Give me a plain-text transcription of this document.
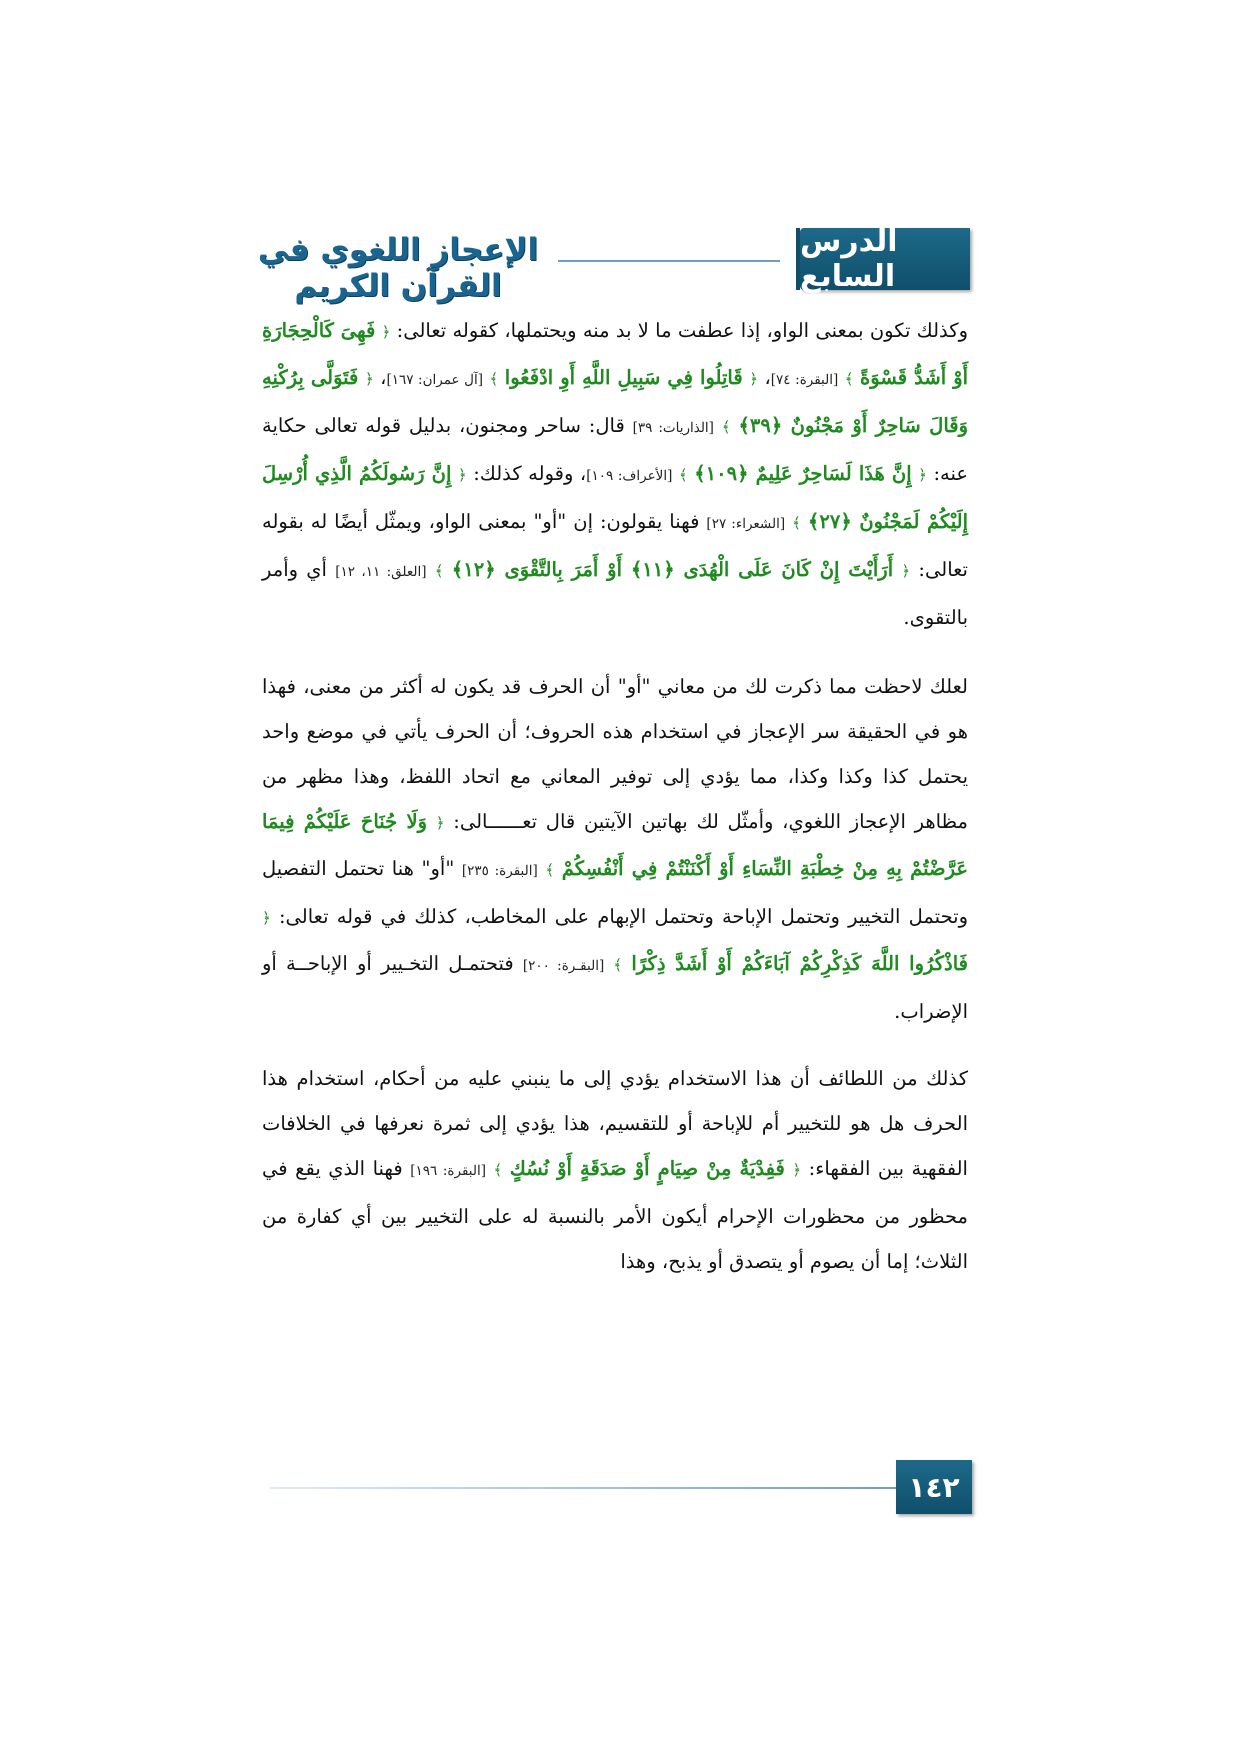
الإعجاز اللغوي في القرآن الكريم
الدرس السابع

وكذلك تكون بمعنى الواو، إذا عطفت ما لا بد منه ويحتملها، كقوله تعالى: ﴿ فَهِىَ كَالْحِجَارَةِ أَوْ أَشَدُّ قَسْوَةً ﴾ [البقرة: ٧٤]، ﴿ قَاتِلُوا فِي سَبِيلِ اللَّهِ أَوِ ادْفَعُوا ﴾ [آل عمران: ١٦٧]، ﴿ فَتَوَلَّى بِرُكْنِهِ وَقَالَ سَاحِرٌ أَوْ مَجْنُونٌ ﴿٣٩﴾ ﴾ [الذاريات: ٣٩] قال: ساحر ومجنون، بدليل قوله تعالى حكاية عنه: ﴿ إِنَّ هَذَا لَسَاحِرٌ عَلِيمٌ ﴿١٠٩﴾ ﴾ [الأعراف: ١٠٩]، وقوله كذلك: ﴿ إِنَّ رَسُولَكُمُ الَّذِي أُرْسِلَ إِلَيْكُمْ لَمَجْنُونٌ ﴿٢٧﴾ ﴾ [الشعراء: ٢٧] فهنا يقولون: إن "أو" بمعنى الواو، ويمثّل أيضًا له بقوله تعالى: ﴿ أَرَأَيْتَ إِنْ كَانَ عَلَى الْهُدَى ﴿١١﴾ أَوْ أَمَرَ بِالتَّقْوَى ﴿١٢﴾ ﴾ [العلق: ١١، ١٢] أي وأمر بالتقوى.

لعلك لاحظت مما ذكرت لك من معاني "أو" أن الحرف قد يكون له أكثر من معنى، فهذا هو في الحقيقة سر الإعجاز في استخدام هذه الحروف؛ أن الحرف يأتي في موضع واحد يحتمل كذا وكذا وكذا، مما يؤدي إلى توفير المعاني مع اتحاد اللفظ، وهذا مظهر من مظاهر الإعجاز اللغوي، وأمثّل لك بهاتين الآيتين قال تعــــــالى: ﴿ وَلَا جُنَاحَ عَلَيْكُمْ فِيمَا عَرَّضْتُمْ بِهِ مِنْ خِطْبَةِ النِّسَاءِ أَوْ أَكْنَنْتُمْ فِي أَنْفُسِكُمْ ﴾ [البقرة: ٢٣٥] "أو" هنا تحتمل التفصيل وتحتمل التخيير وتحتمل الإباحة وتحتمل الإبهام على المخاطب، كذلك في قوله تعالى: ﴿ فَاذْكُرُوا اللَّهَ كَذِكْرِكُمْ آبَاءَكُمْ أَوْ أَشَدَّ ذِكْرًا ﴾ [البقـرة: ٢٠٠] فتحتمـل التخـيير أو الإباحــة أو الإضراب.

كذلك من اللطائف أن هذا الاستخدام يؤدي إلى ما ينبني عليه من أحكام، استخدام هذا الحرف هل هو للتخيير أم للإباحة أو للتقسيم، هذا يؤدي إلى ثمرة نعرفها في الخلافات الفقهية بين الفقهاء: ﴿ فَفِدْيَةٌ مِنْ صِيَامٍ أَوْ صَدَقَةٍ أَوْ نُسُكٍ ﴾ [البقرة: ١٩٦] فهنا الذي يقع في محظور من محظورات الإحرام أيكون الأمر بالنسبة له على التخيير بين أي كفارة من الثلاث؛ إما أن يصوم أو يتصدق أو يذبح، وهذا

١٤٢
